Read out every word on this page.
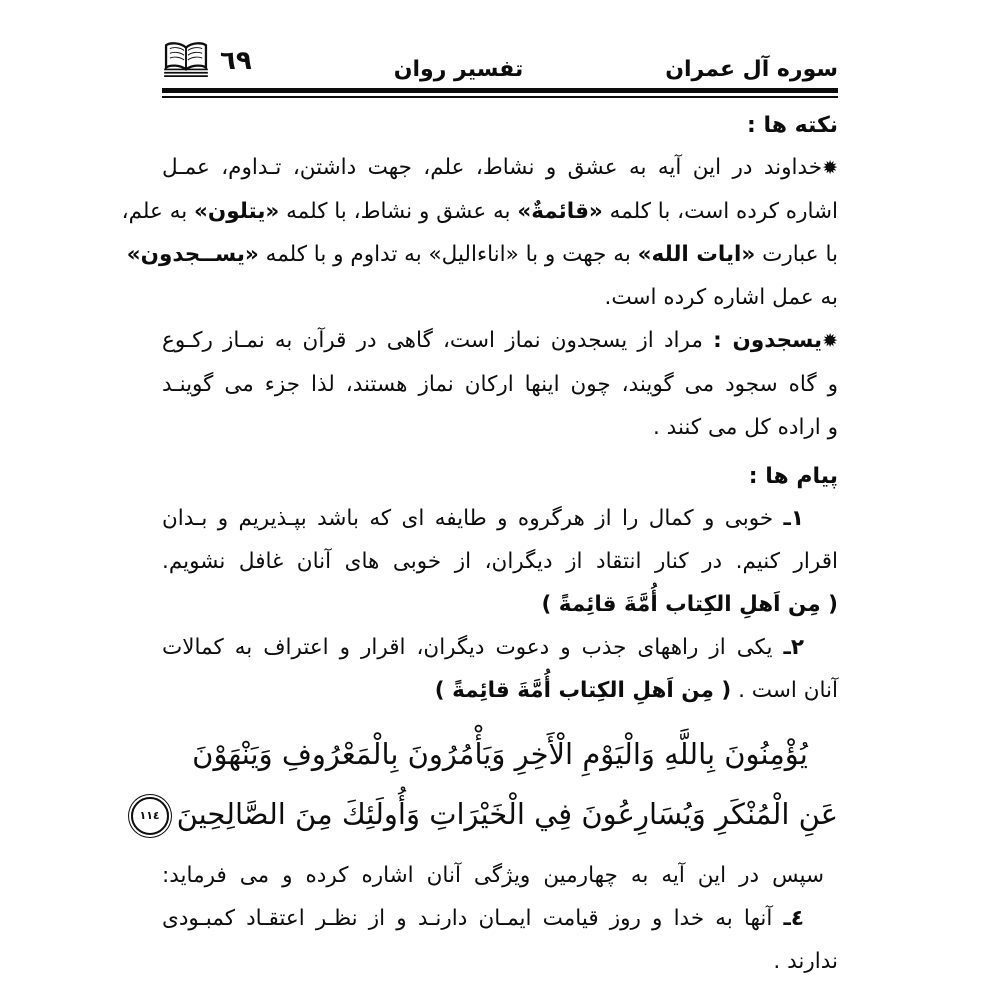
سوره آل عمران
تفسیر روان
٦٩
نکته ها :
✹خداوند در این آیه به عشق و نشاط، علم، جهت داشتن، تـداوم، عمـل
اشاره کرده است، با کلمه «قائمةٌ» به عشق و نشاط، با کلمه «یتلون» به علم،
با عبارت «ایات الله» به جهت و با «اناءالیل» به تداوم و با کلمه «یســجدون»
به عمل اشاره کرده است.
✹یسجدون : مراد از یسجدون نماز است، گاهی در قرآن به نمـاز رکـوع
و گاه سجود می گویند، چون اینها ارکان نماز هستند، لذا جزء می گوینـد
و اراده کل می کنند .
پیام ها :
۱ـ خوبی و کمال را از هرگروه و طایفه ای که باشد بپـذیریم و بـدان
اقرار کنیم. در کنار انتقاد از دیگران، از خوبی های آنان غافل نشویم.
( مِن اَهلِ الکِتاب أُمَّةَ قائِمةً )
۲ـ یکی از راههای جذب و دعوت دیگران، اقرار و اعتراف به کمالات
آنان است . ( مِن اَهلِ الکِتاب أُمَّةَ قائِمةً )
يُؤْمِنُونَ بِاللَّهِ وَالْيَوْمِ الْأَخِرِ وَيَأْمُرُونَ بِالْمَعْرُوفِ وَيَنْهَوْنَ
عَنِ الْمُنْكَرِ وَيُسَارِعُونَ فِي الْخَيْرَاتِ وَأُولَئِكَ مِنَ الصَّالِحِينَ١١٤
سپس در این آیه به چهارمین ویژگی آنان اشاره کرده و می فرماید:
٤ـ آنها به خدا و روز قیامت ایمـان دارنـد و از نظـر اعتقـاد کمبـودی
ندارند .
